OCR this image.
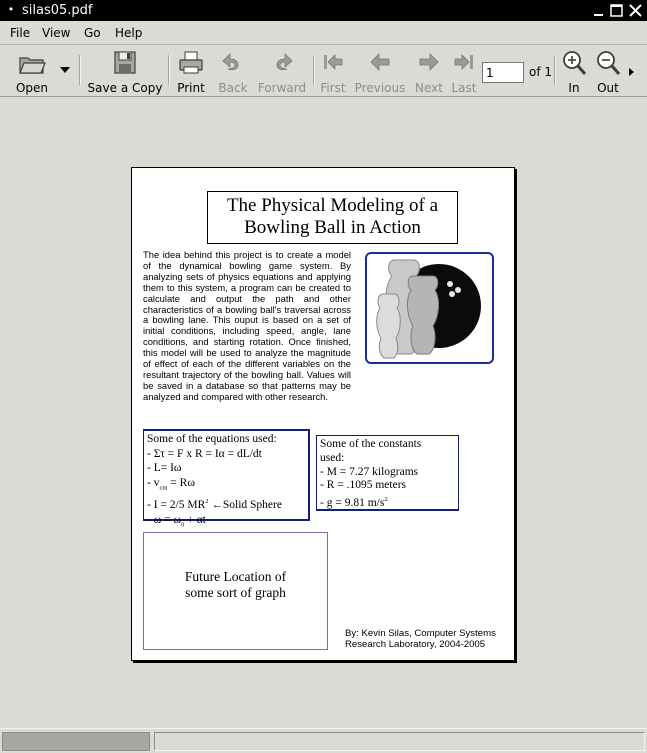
• silas05.pdf
File View Go Help
Open	Save a Copy Print Back Forward First Previous Next Last
1
of 1
In	Out
The Physical Modeling of a
Bowling Ball in Action
The idea behind this project is to create a model of the dynamical bowling game system. By analyzing sets of physics equations and applying them to this system, a program can be created to calculate and output the path and other characteristics of a bowling ball's traversal across a bowling lane. This ouput is based on a set of initial conditions, including speed, angle, lane conditions, and starting rotation. Once finished, this model will be used to analyze the magnitude of effect of each of the different variables on the resultant trajectory of the bowling ball. Values will be saved in a database so that patterns may be analyzed and compared with other research.
Some of the equations used:
- Στ = F x R = Iα = dL/dt
- L= Iω
- $v_{cm} = R\omega$
- I = 2/5 $MR^2$ ←Solid Sphere
- $\omega = \omega_0 + \alpha t$
Some of the constants
used:
- M = 7.27 kilograms
- R = .1095 meters
- g = 9.81 $m/s^2$
Future Location of
some sort of graph
By: Kevin Silas, Computer Systems
Research Laboratory, 2004-2005
